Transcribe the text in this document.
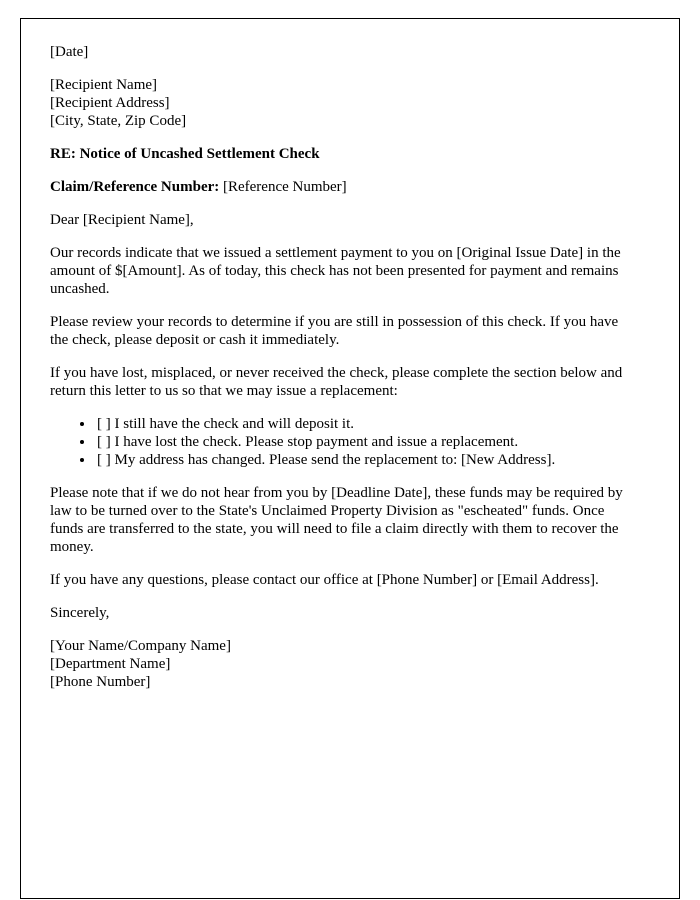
[Date]

[Recipient Name]
[Recipient Address]
[City, State, Zip Code]

RE: Notice of Uncashed Settlement Check

Claim/Reference Number: [Reference Number]

Dear [Recipient Name],

Our records indicate that we issued a settlement payment to you on [Original Issue Date] in the amount of $[Amount]. As of today, this check has not been presented for payment and remains uncashed.

Please review your records to determine if you are still in possession of this check. If you have the check, please deposit or cash it immediately.

If you have lost, misplaced, or never received the check, please complete the section below and return this letter to us so that we may issue a replacement:

• [ ] I still have the check and will deposit it.
• [ ] I have lost the check. Please stop payment and issue a replacement.
• [ ] My address has changed. Please send the replacement to: [New Address].

Please note that if we do not hear from you by [Deadline Date], these funds may be required by law to be turned over to the State's Unclaimed Property Division as "escheated" funds. Once funds are transferred to the state, you will need to file a claim directly with them to recover the money.

If you have any questions, please contact our office at [Phone Number] or [Email Address].

Sincerely,

[Your Name/Company Name]
[Department Name]
[Phone Number]
